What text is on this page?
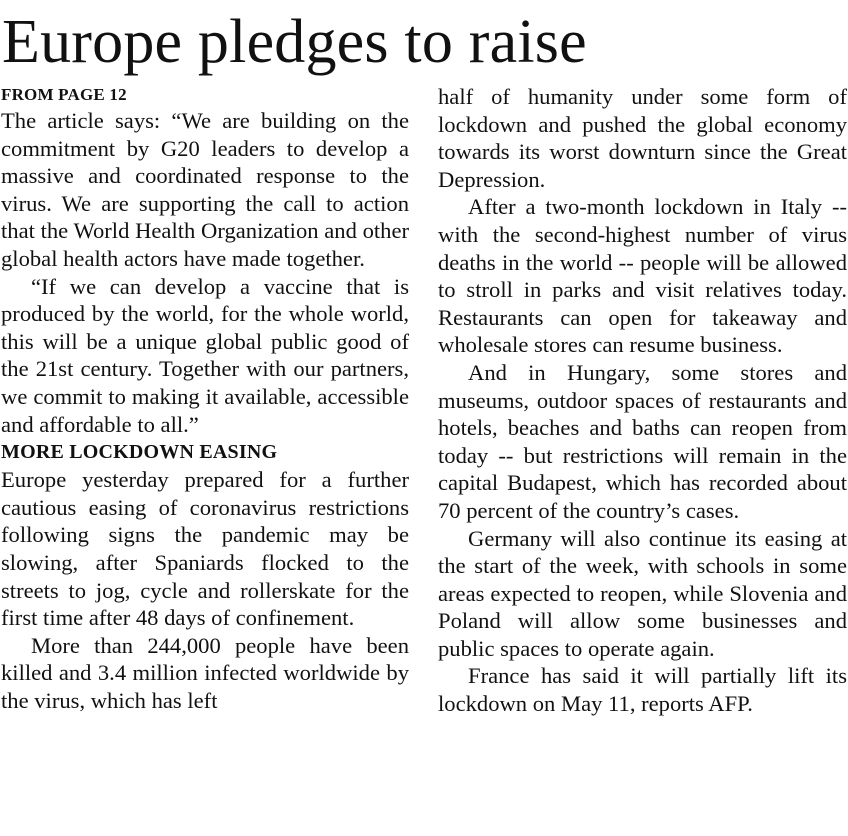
Europe pledges to raise
FROM PAGE 12

The article says: “We are building on the commitment by G20 leaders to develop a massive and coordinated response to the virus. We are supporting the call to action that the World Health Organization and other global health actors have made together.

“If we can develop a vaccine that is produced by the world, for the whole world, this will be a unique global public good of the 21st century. Together with our partners, we commit to making it available, accessible and affordable to all.”

MORE LOCKDOWN EASING

Europe yesterday prepared for a further cautious easing of coronavirus restrictions following signs the pandemic may be slowing, after Spaniards flocked to the streets to jog, cycle and rollerskate for the first time after 48 days of confinement.

More than 244,000 people have been killed and 3.4 million infected worldwide by the virus, which has left

half of humanity under some form of lockdown and pushed the global economy towards its worst downturn since the Great Depression.

After a two-month lockdown in Italy -- with the second-highest number of virus deaths in the world -- people will be allowed to stroll in parks and visit relatives today. Restaurants can open for takeaway and wholesale stores can resume business.

And in Hungary, some stores and museums, outdoor spaces of restaurants and hotels, beaches and baths can reopen from today -- but restrictions will remain in the capital Budapest, which has recorded about 70 percent of the country’s cases.

Germany will also continue its easing at the start of the week, with schools in some areas expected to reopen, while Slovenia and Poland will allow some businesses and public spaces to operate again.

France has said it will partially lift its lockdown on May 11, reports AFP.
